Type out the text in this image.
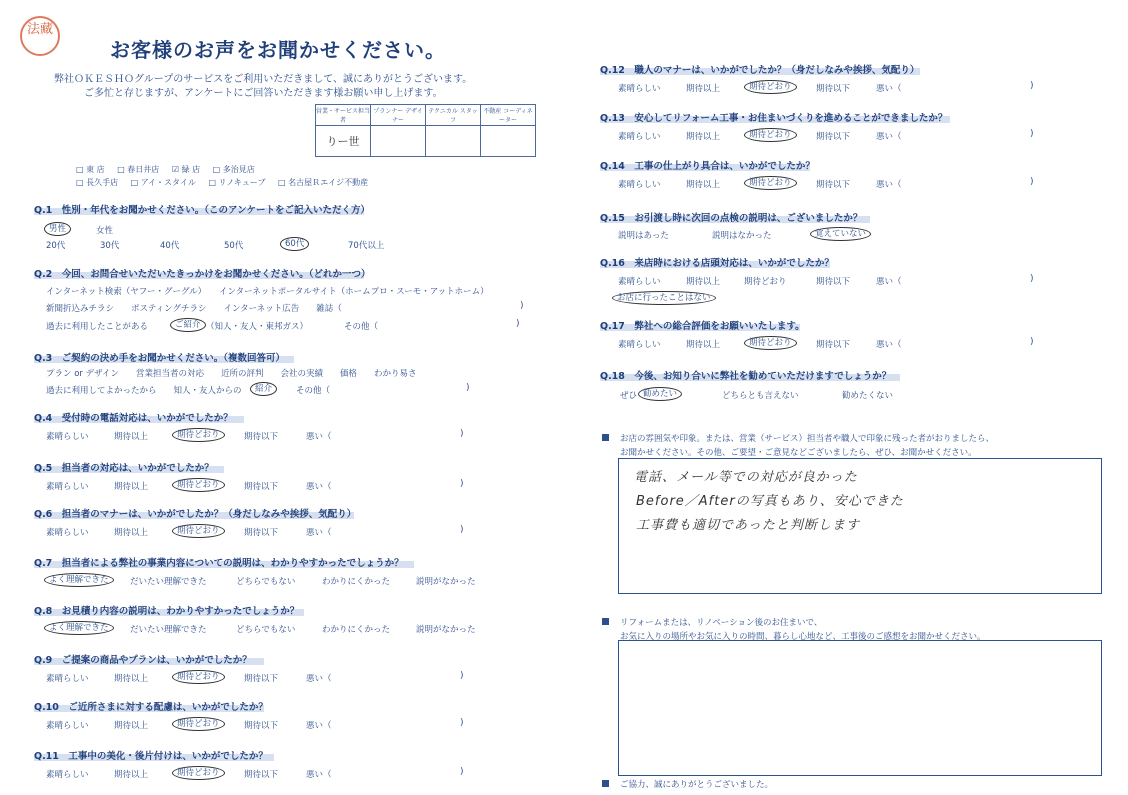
法藏
お客様のお声をお聞かせください。
弊社ＯＫＥＳＨＯグループのサービスをご利用いただきまして、誠にありがとうございます。
ご多忙と存じますが、アンケートにご回答いただきます様お願い申し上げます。
営業・サービス担当者	プランナー デザイナー	テクニカル スタッフ	不動産 コーディネーター
りー世			
□ 東 店 □ 春日井店 ☑ 緑 店 □ 多治見店
□ 長久手店 □ アイ・スタイル □ リノキューブ □ 名古屋Ｒエイジ不動産
Q.1　性別・年代をお聞かせください。（このアンケートをご記入いただく方）
男性	女性
20代	30代	40代	50代	60代	70代以上
Q.2　今回、お問合せいただいたきっかけをお聞かせください。（どれか一つ）
インターネット検索（ヤフー・グーグル）　　インターネットポータルサイト（ホームプロ・スーモ・アットホーム）
新聞折込みチラシ　　ポスティングチラシ　　インターネット広告　　雑誌（	)
過去に利用したことがある	ご紹介 （知人・友人・東邦ガス）	その他（	)
Q.3　ご契約の決め手をお聞かせください。（複数回答可）
プラン or デザイン　　営業担当者の対応　　近所の評判　　会社の実績　　価格　　わかり易さ
過去に利用してよかったから　　知人・友人からの	紹介	その他（	)
Q.4　受付時の電話対応は、いかがでしたか？
素晴らしい	期待以上	期待どおり	期待以下	悪い（	)
Q.5　担当者の対応は、いかがでしたか？
素晴らしい	期待以上	期待どおり	期待以下	悪い（	)
Q.6　担当者のマナーは、いかがでしたか？（身だしなみや挨拶、気配り）
素晴らしい	期待以上	期待どおり	期待以下	悪い（	)
Q.7　担当者による弊社の事業内容についての説明は、わかりやすかったでしょうか？
よく理解できた	だいたい理解できた	どちらでもない	わかりにくかった	説明がなかった
Q.8　お見積り内容の説明は、わかりやすかったでしょうか？
よく理解できた	だいたい理解できた	どちらでもない	わかりにくかった	説明がなかった
Q.9　ご提案の商品やプランは、いかがでしたか？
素晴らしい	期待以上	期待どおり	期待以下	悪い（	)
Q.10　ご近所さまに対する配慮は、いかがでしたか？
素晴らしい	期待以上	期待どおり	期待以下	悪い（	)
Q.11　工事中の美化・後片付けは、いかがでしたか？
素晴らしい	期待以上	期待どおり	期待以下	悪い（	)
Q.12　職人のマナーは、いかがでしたか？（身だしなみや挨拶、気配り）
素晴らしい	期待以上	期待どおり	期待以下	悪い（	)
Q.13　安心してリフォーム工事・お住まいづくりを進めることができましたか？
素晴らしい	期待以上	期待どおり	期待以下	悪い（	)
Q.14　工事の仕上がり具合は、いかがでしたか？
素晴らしい	期待以上	期待どおり	期待以下	悪い（	)
Q.16　来店時における店頭対応は、いかがでしたか？
素晴らしい	期待以上	期待どおり	期待以下	悪い（	)
Q.17　弊社への総合評価をお願いいたします。
素晴らしい	期待以上	期待どおり	期待以下	悪い（	)
Q.15　お引渡し時に次回の点検の説明は、ございましたか？
説明はあった	説明はなかった	覚えていない
お店に行ったことはない
Q.18　今後、お知り合いに弊社を勧めていただけますでしょうか？
ぜひ 勧めたい	どちらとも言えない	勧めたくない
お店の雰囲気や印象。または、営業（サービス）担当者や職人で印象に残った者がおりましたら、
お聞かせください。その他、ご要望・ご意見などございましたら、ぜひ、お聞かせください。
電話、メール等での対応が良かった
Before／Afterの写真もあり、安心できた
工事費も適切であったと判断します
リフォームまたは、リノベーション後のお住まいで、
お気に入りの場所やお気に入りの時間、暮らし心地など、工事後のご感想をお聞かせください。
ご協力、誠にありがとうございました。
